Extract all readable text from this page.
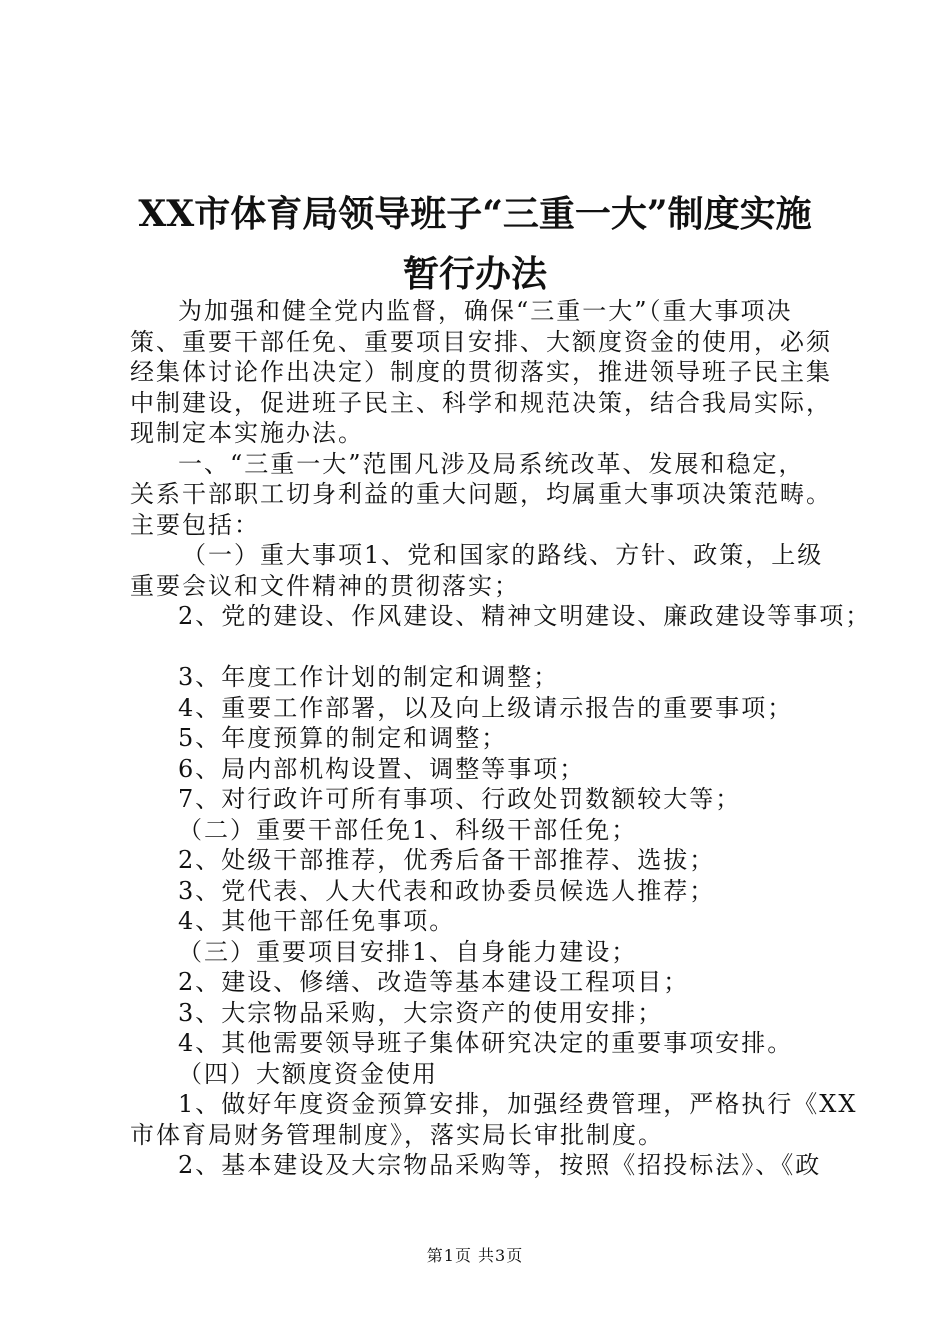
XX市体育局领导班子“三重一大”制度实施
暂行办法
为加强和健全党内监督，确保“三重一大”（重大事项决
策、重要干部任免、重要项目安排、大额度资金的使用，必须
经集体讨论作出决定）制度的贯彻落实，推进领导班子民主集
中制建设，促进班子民主、科学和规范决策，结合我局实际，
现制定本实施办法。
一、“三重一大”范围凡涉及局系统改革、发展和稳定，
关系干部职工切身利益的重大问题，均属重大事项决策范畴。
主要包括：
（一）重大事项1、党和国家的路线、方针、政策，上级
重要会议和文件精神的贯彻落实；
2、党的建设、作风建设、精神文明建设、廉政建设等事项；
3、年度工作计划的制定和调整；
4、重要工作部署，以及向上级请示报告的重要事项；
5、年度预算的制定和调整；
6、局内部机构设置、调整等事项；
7、对行政许可所有事项、行政处罚数额较大等；
（二）重要干部任免1、科级干部任免；
2、处级干部推荐，优秀后备干部推荐、选拔；
3、党代表、人大代表和政协委员候选人推荐；
4、其他干部任免事项。
（三）重要项目安排1、自身能力建设；
2、建设、修缮、改造等基本建设工程项目；
3、大宗物品采购，大宗资产的使用安排；
4、其他需要领导班子集体研究决定的重要事项安排。
（四）大额度资金使用
1、做好年度资金预算安排，加强经费管理，严格执行《XX
市体育局财务管理制度》，落实局长审批制度。
2、基本建设及大宗物品采购等，按照《招投标法》、《政
第1页 共3页
